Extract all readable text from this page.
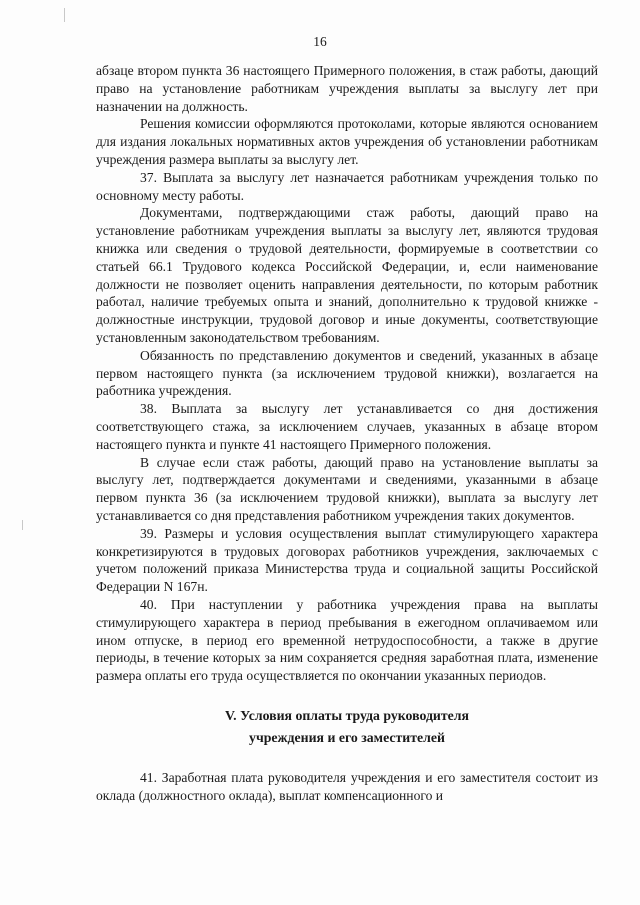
16

абзаце втором пункта 36 настоящего Примерного положения, в стаж работы, дающий право на установление работникам учреждения выплаты за выслугу лет при назначении на должность.

Решения комиссии оформляются протоколами, которые являются основанием для издания локальных нормативных актов учреждения об установлении работникам учреждения размера выплаты за выслугу лет.

37. Выплата за выслугу лет назначается работникам учреждения только по основному месту работы.

Документами, подтверждающими стаж работы, дающий право на установление работникам учреждения выплаты за выслугу лет, являются трудовая книжка или сведения о трудовой деятельности, формируемые в соответствии со статьей 66.1 Трудового кодекса Российской Федерации, и, если наименование должности не позволяет оценить направления деятельности, по которым работник работал, наличие требуемых опыта и знаний, дополнительно к трудовой книжке - должностные инструкции, трудовой договор и иные документы, соответствующие установленным законодательством требованиям.

Обязанность по представлению документов и сведений, указанных в абзаце первом настоящего пункта (за исключением трудовой книжки), возлагается на работника учреждения.

38. Выплата за выслугу лет устанавливается со дня достижения соответствующего стажа, за исключением случаев, указанных в абзаце втором настоящего пункта и пункте 41 настоящего Примерного положения.

В случае если стаж работы, дающий право на установление выплаты за выслугу лет, подтверждается документами и сведениями, указанными в абзаце первом пункта 36 (за исключением трудовой книжки), выплата за выслугу лет устанавливается со дня представления работником учреждения таких документов.

39. Размеры и условия осуществления выплат стимулирующего характера конкретизируются в трудовых договорах работников учреждения, заключаемых с учетом положений приказа Министерства труда и социальной защиты Российской Федерации N 167н.

40. При наступлении у работника учреждения права на выплаты стимулирующего характера в период пребывания в ежегодном оплачиваемом или ином отпуске, в период его временной нетрудоспособности, а также в другие периоды, в течение которых за ним сохраняется средняя заработная плата, изменение размера оплаты его труда осуществляется по окончании указанных периодов.

V. Условия оплаты труда руководителя

учреждения и его заместителей

41. Заработная плата руководителя учреждения и его заместителя состоит из оклада (должностного оклада), выплат компенсационного и
